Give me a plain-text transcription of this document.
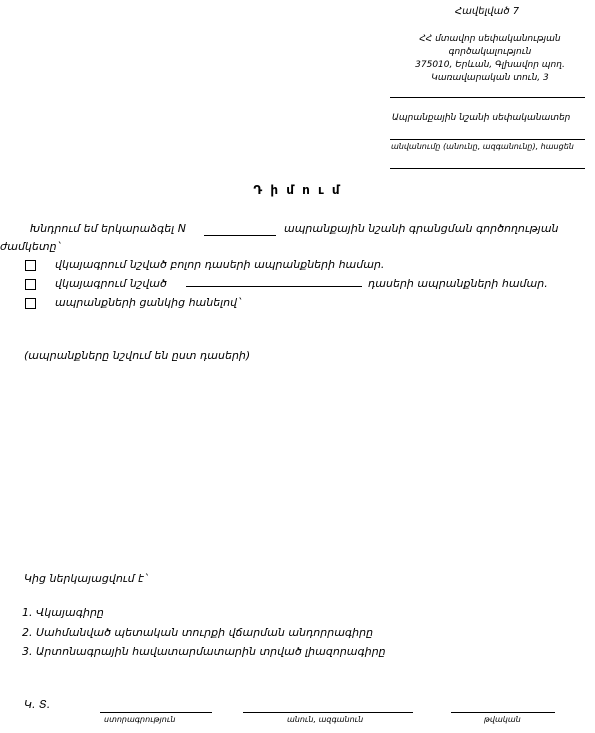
Հավելված 7
ՀՀ մտավոր սեփականության
գործակալություն
375010, Երևան, Գլխավոր պող.
Կառավարական տուն, 3
Ապրանքային նշանի սեփականատեր
անվանումը (անունը, ազգանունը), հասցեն
Դ ի մ ո ւ մ
Խնդրում եմ երկարաձգել N	ապրանքային նշանի գրանցման գործողության
ժամկետը`
վկայագրում նշված բոլոր դասերի ապրանքների համար.
վկայագրում նշված	դասերի ապրանքների համար.
ապրանքների ցանկից հանելով`
(ապրանքները նշվում են ըստ դասերի)
Կից ներկայացվում է`
1. Վկայագիրը
2. Սահմանված պետական տուրքի վճարման անդորրագիրը
3. Արտոնագրային հավատարմատարին տրված լիազորագիրը
Կ. Տ.
ստորագրություն	անուն, ազգանուն	թվական
